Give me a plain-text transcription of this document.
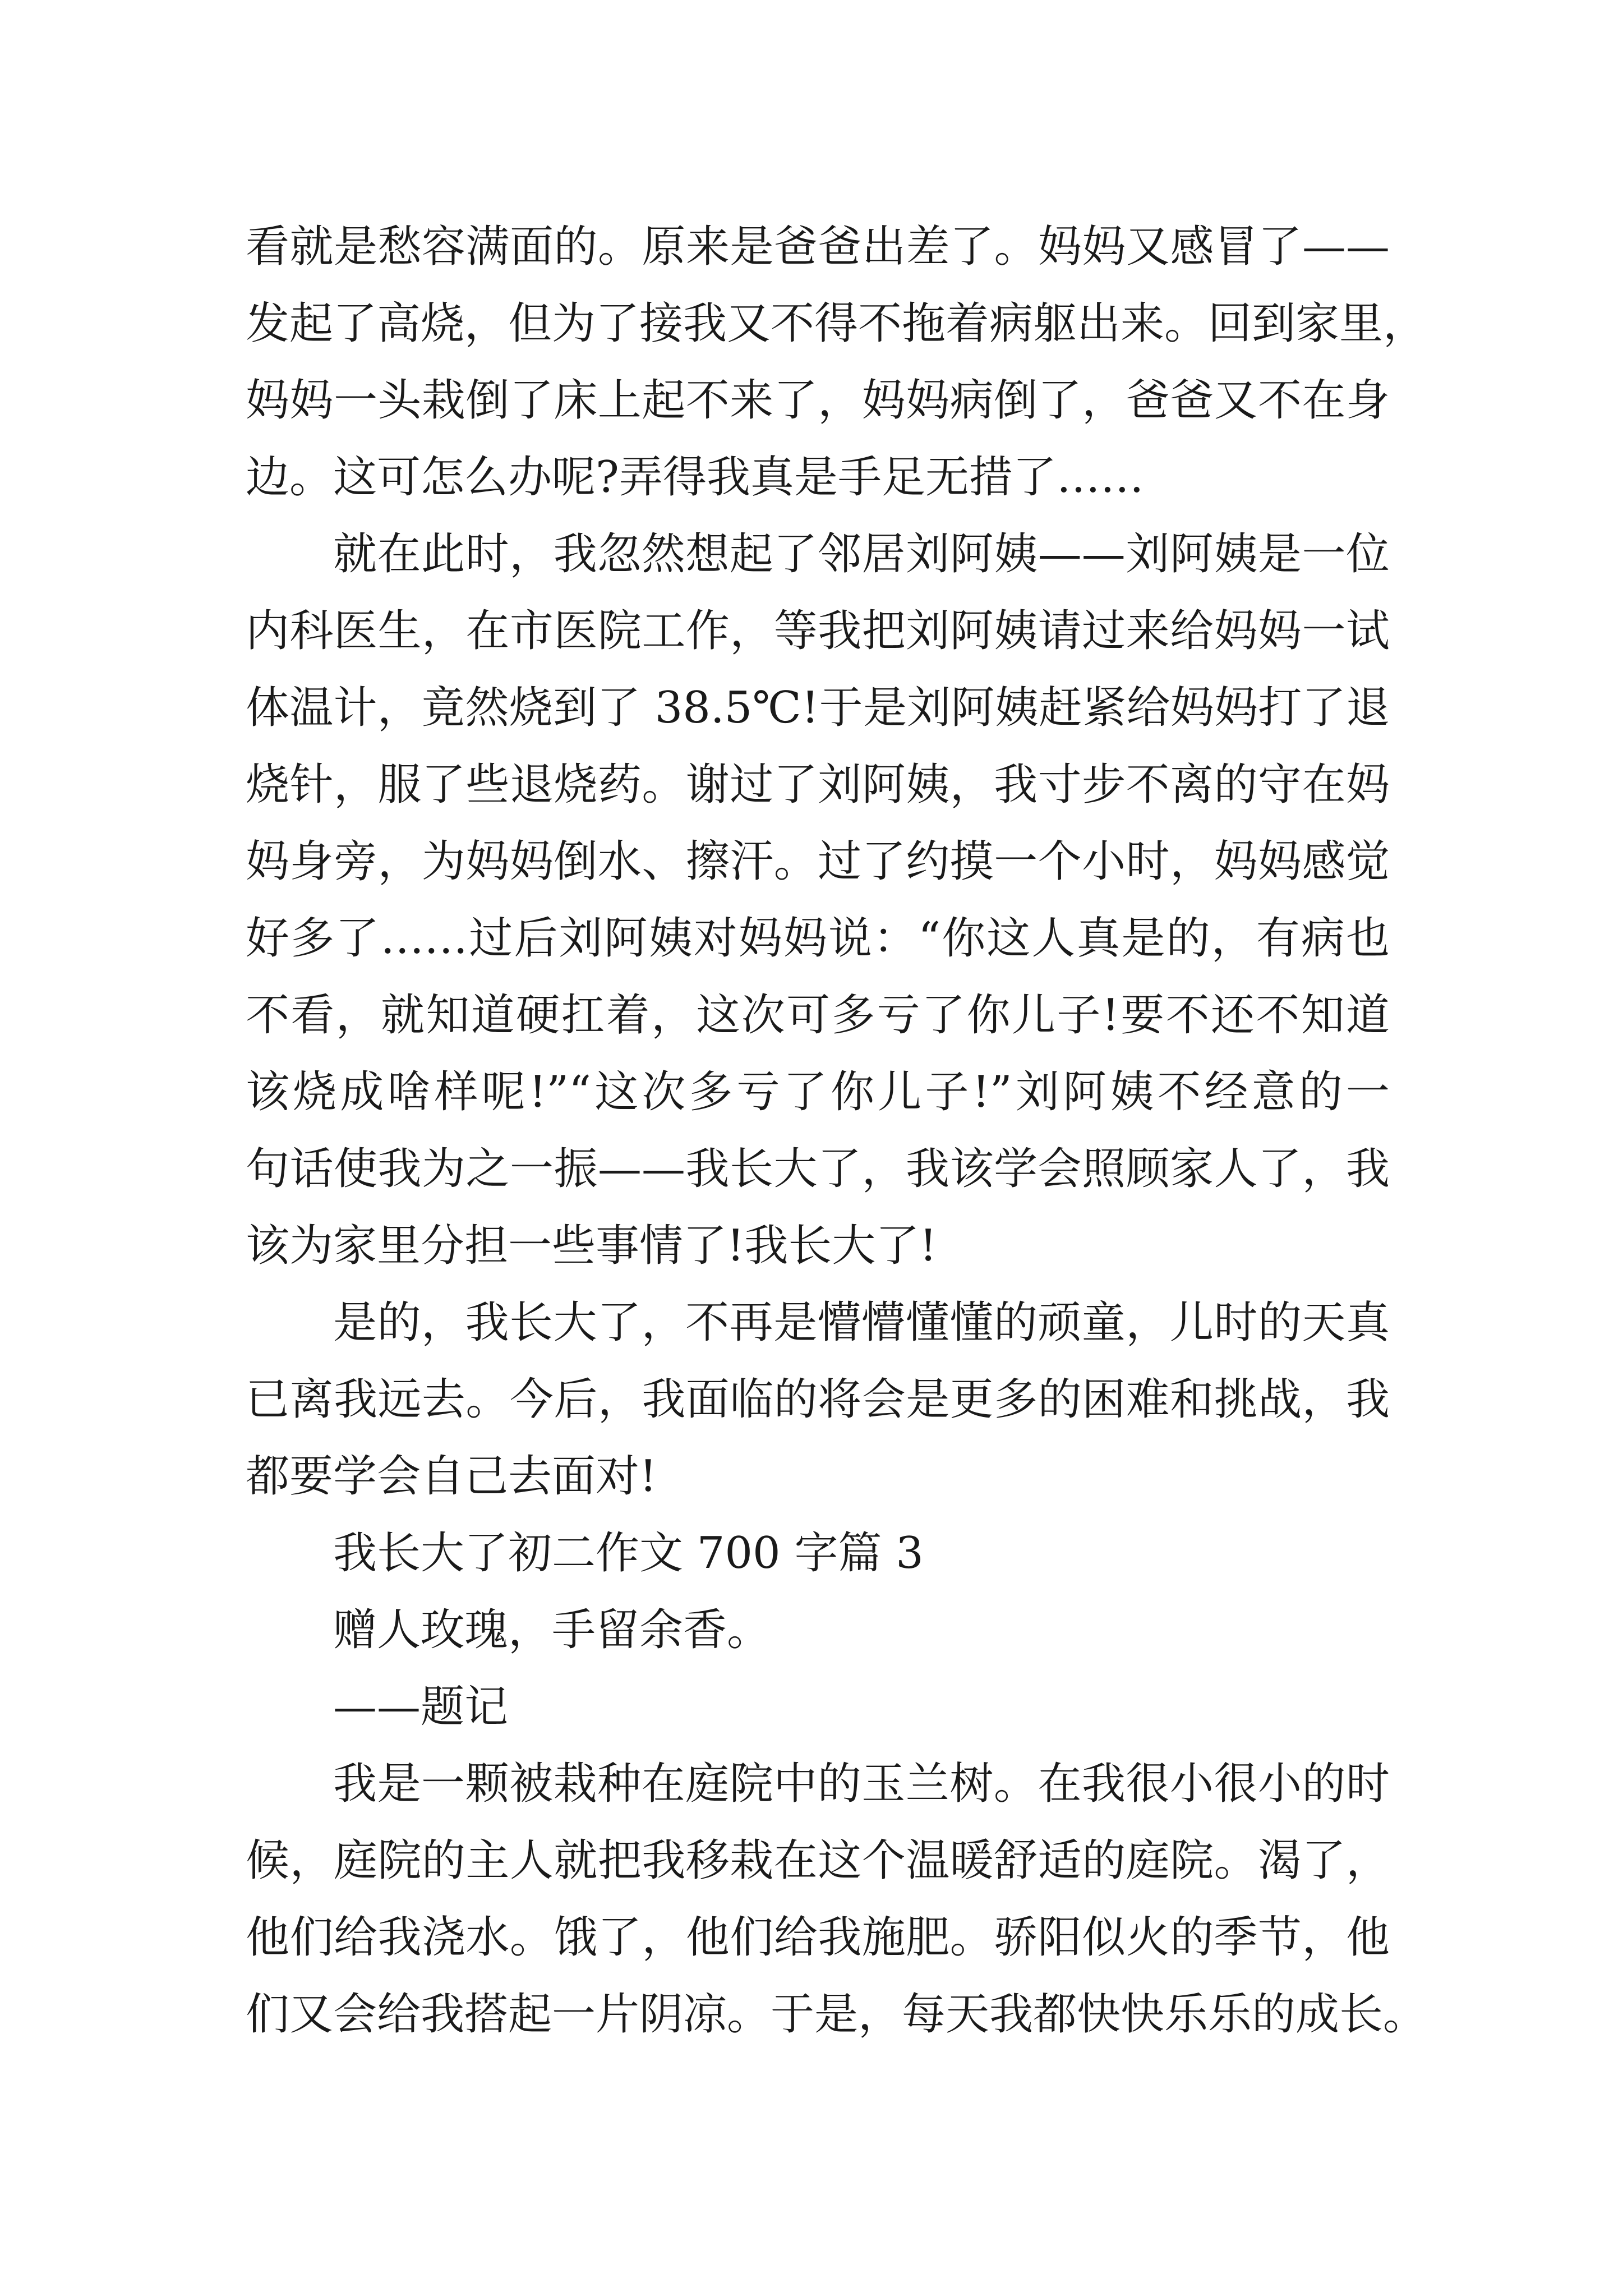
看就是愁容满面的。原来是爸爸出差了。妈妈又感冒了——
发起了高烧，但为了接我又不得不拖着病躯出来。回到家里，
妈妈一头栽倒了床上起不来了，妈妈病倒了，爸爸又不在身
边。这可怎么办呢?弄得我真是手足无措了……
就在此时，我忽然想起了邻居刘阿姨——刘阿姨是一位
内科医生，在市医院工作，等我把刘阿姨请过来给妈妈一试
体温计，竟然烧到了 38.5℃!于是刘阿姨赶紧给妈妈打了退
烧针，服了些退烧药。谢过了刘阿姨，我寸步不离的守在妈
妈身旁，为妈妈倒水、擦汗。过了约摸一个小时，妈妈感觉
好多了……过后刘阿姨对妈妈说：“你这人真是的，有病也
不看，就知道硬扛着，这次可多亏了你儿子!要不还不知道
该烧成啥样呢!”“这次多亏了你儿子!”刘阿姨不经意的一
句话使我为之一振——我长大了，我该学会照顾家人了，我
该为家里分担一些事情了!我长大了!
是的，我长大了，不再是懵懵懂懂的顽童，儿时的天真
已离我远去。今后，我面临的将会是更多的困难和挑战，我
都要学会自己去面对!
我长大了初二作文 700 字篇 3
赠人玫瑰，手留余香。
——题记
我是一颗被栽种在庭院中的玉兰树。在我很小很小的时
候，庭院的主人就把我移栽在这个温暖舒适的庭院。渴了，
他们给我浇水。饿了，他们给我施肥。骄阳似火的季节，他
们又会给我搭起一片阴凉。于是，每天我都快快乐乐的成长。
